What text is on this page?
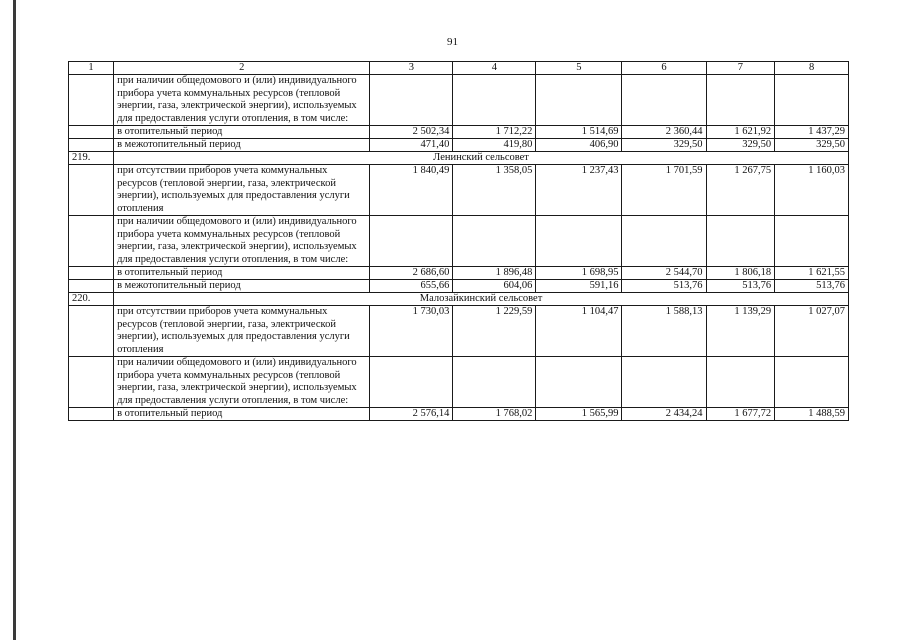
91
1	2	3	4	5	6	7	8
	при наличии общедомового и (или) индивидуального прибора учета коммунальных ресурсов (тепловой энергии, газа, электрической энергии), используемых для предоставления услуги отопления, в том числе:						
	в отопительный период	2 502,34	1 712,22	1 514,69	2 360,44	1 621,92	1 437,29
	в межотопительный период	471,40	419,80	406,90	329,50	329,50	329,50
219.	Ленинский сельсовет						
	при отсутствии приборов учета коммунальных ресурсов (тепловой энергии, газа, электрической энергии), используемых для предоставления услуги отопления	1 840,49	1 358,05	1 237,43	1 701,59	1 267,75	1 160,03
	при наличии общедомового и (или) индивидуального прибора учета коммунальных ресурсов (тепловой энергии, газа, электрической энергии), используемых для предоставления услуги отопления, в том числе:						
	в отопительный период	2 686,60	1 896,48	1 698,95	2 544,70	1 806,18	1 621,55
	в межотопительный период	655,66	604,06	591,16	513,76	513,76	513,76
220.	Малозайкинский сельсовет						
	при отсутствии приборов учета коммунальных ресурсов (тепловой энергии, газа, электрической энергии), используемых для предоставления услуги отопления	1 730,03	1 229,59	1 104,47	1 588,13	1 139,29	1 027,07
	при наличии общедомового и (или) индивидуального прибора учета коммунальных ресурсов (тепловой энергии, газа, электрической энергии), используемых для предоставления услуги отопления, в том числе:						
	в отопительный период	2 576,14	1 768,02	1 565,99	2 434,24	1 677,72	1 488,59
